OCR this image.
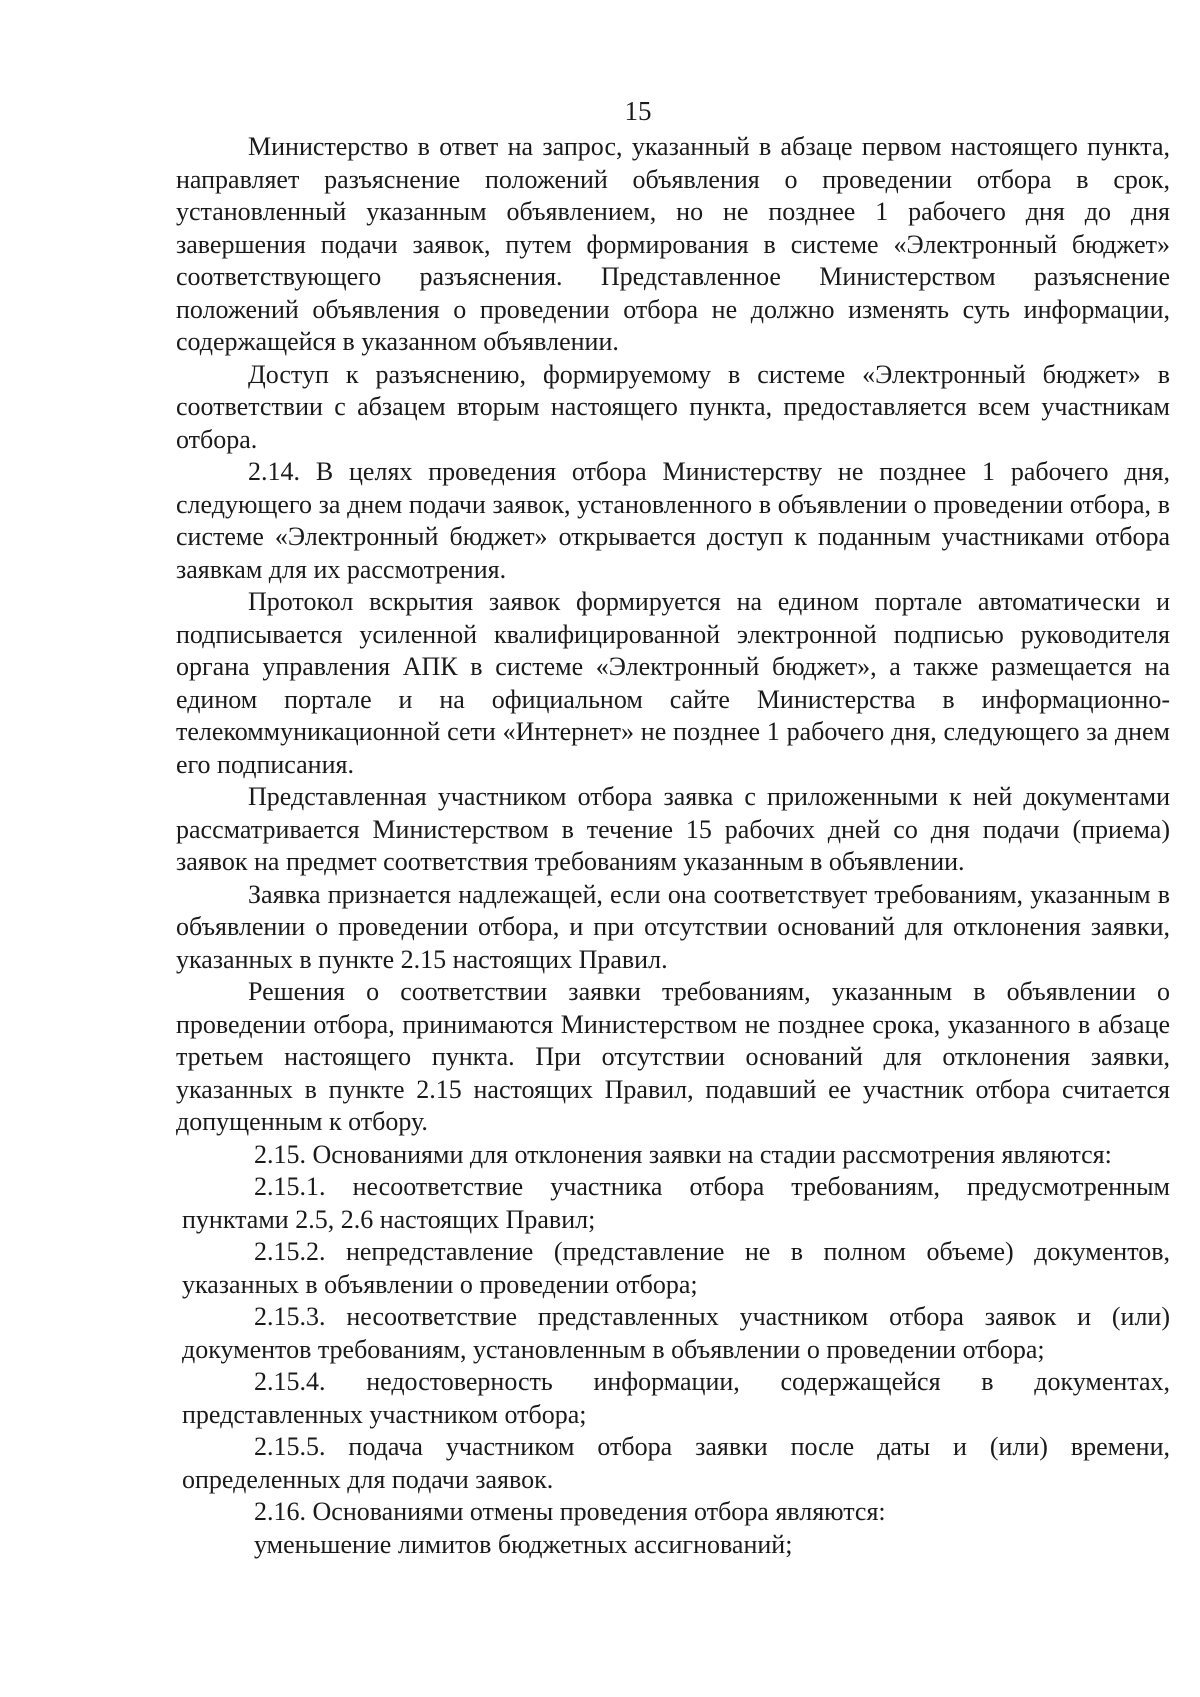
15

Министерство в ответ на запрос, указанный в абзаце первом настоящего пункта, направляет разъяснение положений объявления о проведении отбора в срок, установленный указанным объявлением, но не позднее 1 рабочего дня до дня завершения подачи заявок, путем формирования в системе «Электронный бюджет» соответствующего разъяснения. Представленное Министерством разъяснение положений объявления о проведении отбора не должно изменять суть информации, содержащейся в указанном объявлении.

Доступ к разъяснению, формируемому в системе «Электронный бюджет» в соответствии с абзацем вторым настоящего пункта, предоставляется всем участникам отбора.

2.14. В целях проведения отбора Министерству не позднее 1 рабочего дня, следующего за днем подачи заявок, установленного в объявлении о проведении отбора, в системе «Электронный бюджет» открывается доступ к поданным участниками отбора заявкам для их рассмотрения.

Протокол вскрытия заявок формируется на едином портале автоматически и подписывается усиленной квалифицированной электронной подписью руководителя органа управления АПК в системе «Электронный бюджет», а также размещается на едином портале и на официальном сайте Министерства в информационно-телекоммуникационной сети «Интернет» не позднее 1 рабочего дня, следующего за днем его подписания.

Представленная участником отбора заявка с приложенными к ней документами рассматривается Министерством в течение 15 рабочих дней со дня подачи (приема) заявок на предмет соответствия требованиям указанным в объявлении.

Заявка признается надлежащей, если она соответствует требованиям, указанным в объявлении о проведении отбора, и при отсутствии оснований для отклонения заявки, указанных в пункте 2.15 настоящих Правил.

Решения о соответствии заявки требованиям, указанным в объявлении о проведении отбора, принимаются Министерством не позднее срока, указанного в абзаце третьем настоящего пункта. При отсутствии оснований для отклонения заявки, указанных в пункте 2.15 настоящих Правил, подавший ее участник отбора считается допущенным к отбору.

2.15. Основаниями для отклонения заявки на стадии рассмотрения являются:

2.15.1. несоответствие участника отбора требованиям, предусмотренным пунктами 2.5, 2.6 настоящих Правил;

2.15.2. непредставление (представление не в полном объеме) документов, указанных в объявлении о проведении отбора;

2.15.3. несоответствие представленных участником отбора заявок и (или) документов требованиям, установленным в объявлении о проведении отбора;

2.15.4. недостоверность информации, содержащейся в документах, представленных участником отбора;

2.15.5. подача участником отбора заявки после даты и (или) времени, определенных для подачи заявок.

2.16. Основаниями отмены проведения отбора являются:

уменьшение лимитов бюджетных ассигнований;
